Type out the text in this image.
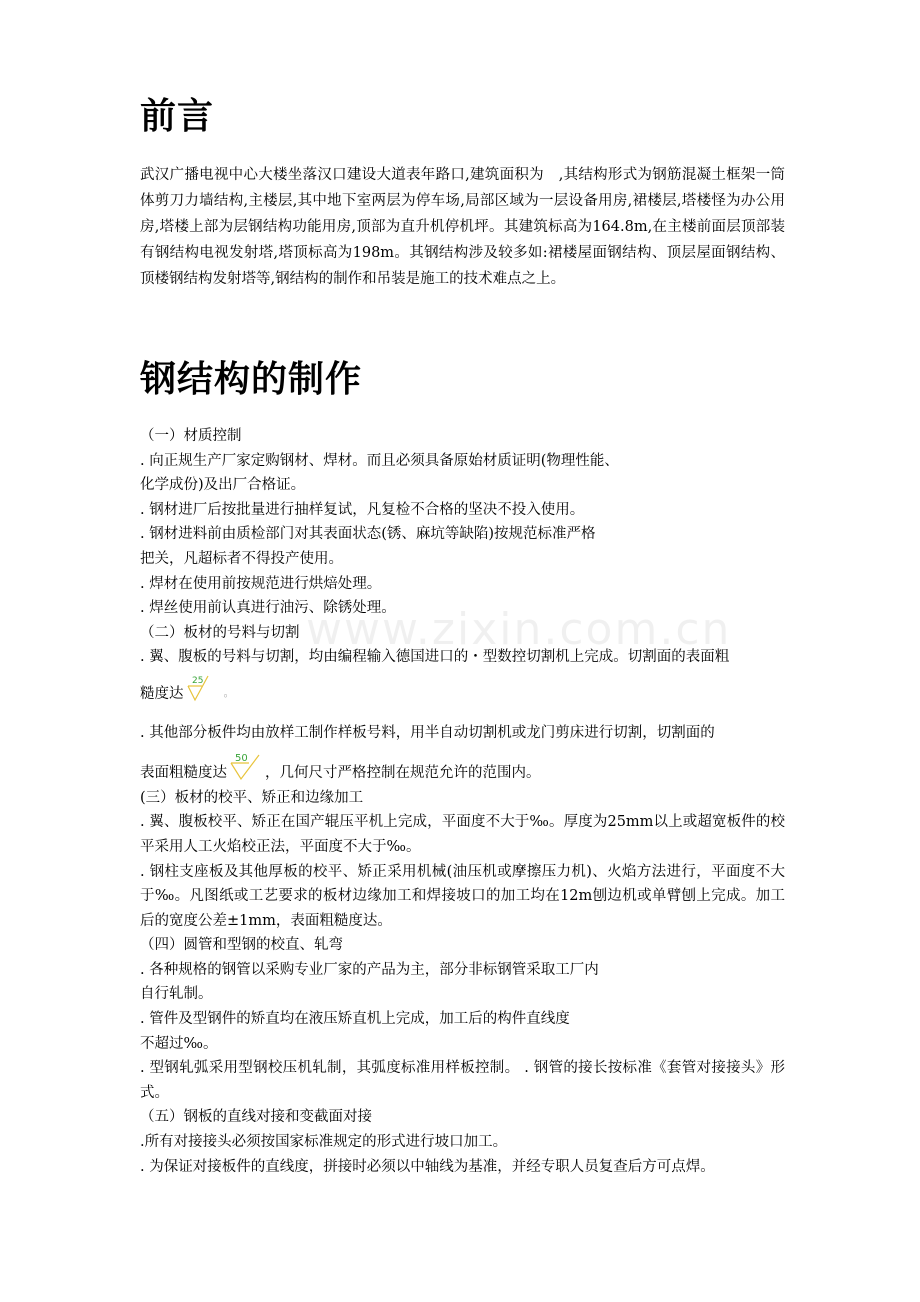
前言

武汉广播电视中心大楼坐落汉口建设大道表年路口,建筑面积为　,其结构形式为钢筋混凝土框架一筒体剪刀力墙结构,主楼层,其中地下室两层为停车场,局部区域为一层设备用房,裙楼层,塔楼怪为办公用房,塔楼上部为层钢结构功能用房,顶部为直升机停机坪。其建筑标高为164.8m,在主楼前面层顶部装有钢结构电视发射塔,塔顶标高为198m。其钢结构涉及较多如:裙楼屋面钢结构、顶层屋面钢结构、顶楼钢结构发射塔等,钢结构的制作和吊装是施工的技术难点之上。

钢结构的制作

（一）材质控制

. 向正规生产厂家定购钢材、焊材。而且必须具备原始材质证明(物理性能、

化学成份)及出厂合格证。

. 钢材进厂后按批量进行抽样复试，凡复检不合格的坚决不投入使用。

. 钢材进料前由质检部门对其表面状态(锈、麻坑等缺陷)按规范标准严格

把关，凡超标者不得投产使用。

. 焊材在使用前按规范进行烘焙处理。

. 焊丝使用前认真进行油污、除锈处理。

（二）板材的号料与切割

. 翼、腹板的号料与切割，均由编程输入德国进口的・型数控切割机上完成。切割面的表面粗

糙度达
25
。

. 其他部分板件均由放样工制作样板号料，用半自动切割机或龙门剪床进行切割，切割面的

表面粗糙度达
50
，几何尺寸严格控制在规范允许的范围内。

(三）板材的校平、矫正和边缘加工

. 翼、腹板校平、矫正在国产辊压平机上完成，平面度不大于‰。厚度为25mm以上或超宽板件的校平采用人工火焰校正法，平面度不大于‰。

. 钢柱支座板及其他厚板的校平、矫正采用机械(油压机或摩擦压力机)、火焰方法进行，平面度不大于‰。凡图纸或工艺要求的板材边缘加工和焊接坡口的加工均在12m刨边机或单臂刨上完成。加工后的宽度公差±1mm，表面粗糙度达。

（四）圆管和型钢的校直、轧弯

. 各种规格的钢管以采购专业厂家的产品为主，部分非标钢管采取工厂内

自行轧制。

. 管件及型钢件的矫直均在液压矫直机上完成，加工后的构件直线度

不超过‰。

. 型钢轧弧采用型钢校压机轧制，其弧度标准用样板控制。 . 钢管的接长按标准《套管对接接头》形式。

（五）钢板的直线对接和变截面对接

.所有对接接头必须按国家标准规定的形式进行坡口加工。

. 为保证对接板件的直线度，拼接时必须以中轴线为基准，并经专职人员复查后方可点焊。

www.zixin.com.cn
